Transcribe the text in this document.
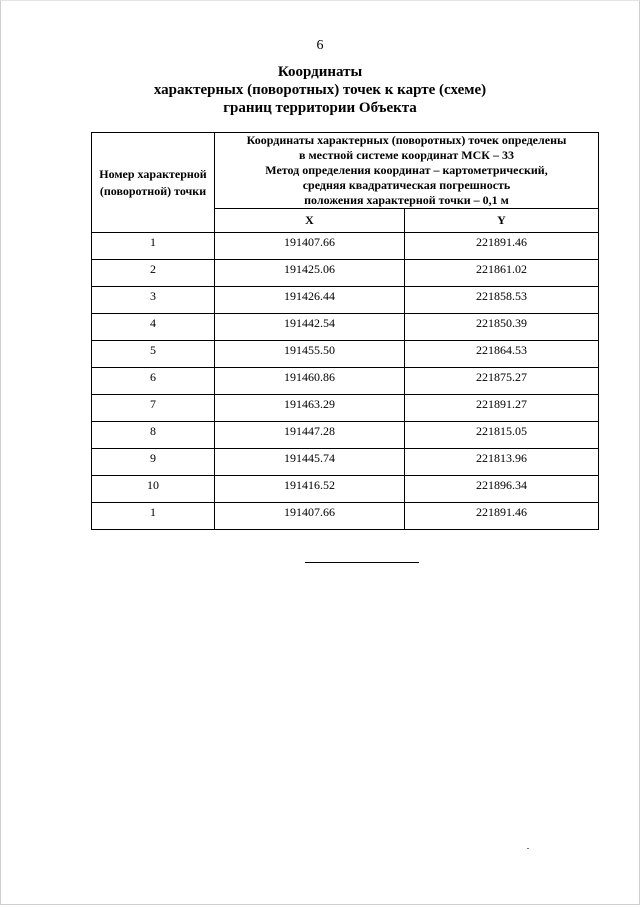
6
Координаты
характерных (поворотных) точек к карте (схеме)
границ территории Объекта
Номер характерной (поворотной) точки	Координаты характерных (поворотных) точек определены
в местной системе координат МСК – 33
Метод определения координат – картометрический,
средняя квадратическая погрешность
положения характерной точки – 0,1 м	

	X	Y
1	191407.66	221891.46
2	191425.06	221861.02
3	191426.44	221858.53
4	191442.54	221850.39
5	191455.50	221864.53
6	191460.86	221875.27
7	191463.29	221891.27
8	191447.28	221815.05
9	191445.74	221813.96
10	191416.52	221896.34
1	191407.66	221891.46
